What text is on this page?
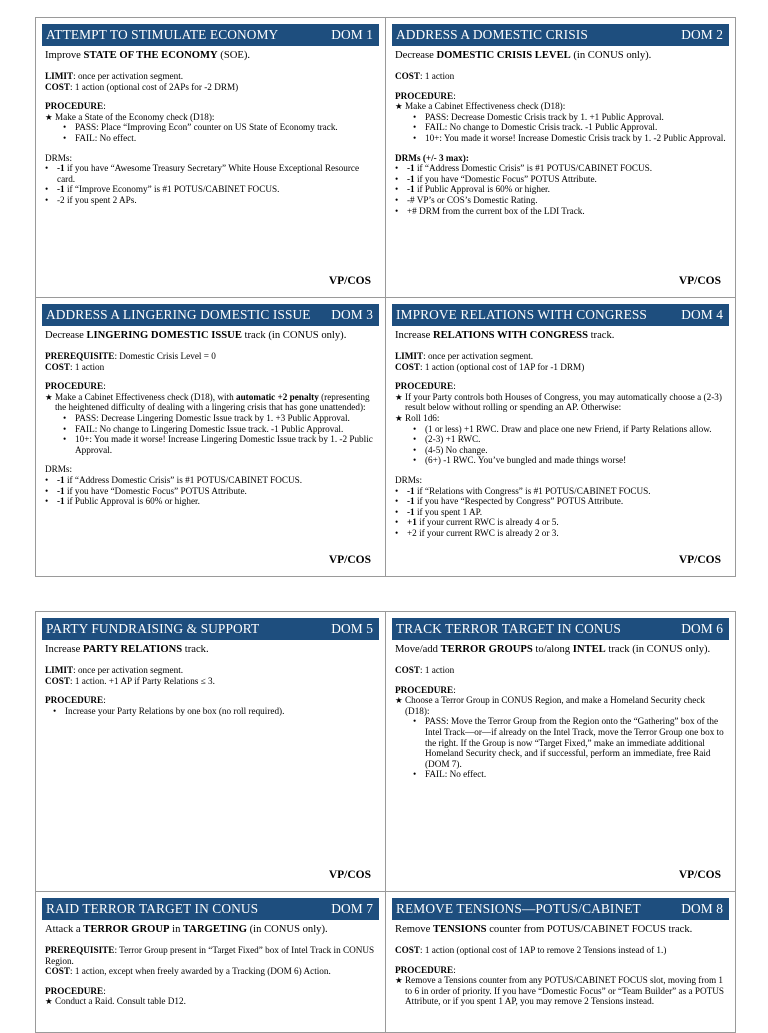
ATTEMPT TO STIMULATE ECONOMY	DOM 1

Improve STATE OF THE ECONOMY (SOE).

LIMIT: once per activation segment.

COST: 1 action (optional cost of 2APs for -2 DRM)

PROCEDURE:

★ Make a State of the Economy check (D18):
• PASS: Place “Improving Econ” counter on US State of Economy track.
• FAIL: No effect.

DRMs:

• -1 if you have “Awesome Treasury Secretary” White House Exceptional Resource card.
• -1 if “Improve Economy” is #1 POTUS/CABINET FOCUS.
• -2 if you spent 2 APs.
VP/COS
ADDRESS A DOMESTIC CRISIS	DOM 2

Decrease DOMESTIC CRISIS LEVEL (in CONUS only).

COST: 1 action

PROCEDURE:

★ Make a Cabinet Effectiveness check (D18):
• PASS: Decrease Domestic Crisis track by 1. +1 Public Approval.
• FAIL: No change to Domestic Crisis track. -1 Public Approval.
• 10+: You made it worse! Increase Domestic Crisis track by 1. -2 Public Approval.

DRMs (+/- 3 max):

• -1 if “Address Domestic Crisis” is #1 POTUS/CABINET FOCUS.
• -1 if you have “Domestic Focus” POTUS Attribute.
• -1 if Public Approval is 60% or higher.
• -# VP’s or COS’s Domestic Rating.
• +# DRM from the current box of the LDI Track.
VP/COS
ADDRESS A LINGERING DOMESTIC ISSUE DOM 3

Decrease LINGERING DOMESTIC ISSUE track (in CONUS only).

PREREQUISITE: Domestic Crisis Level = 0

COST: 1 action

PROCEDURE:

★ Make a Cabinet Effectiveness check (D18), with automatic +2 penalty (representing the heightened difficulty of dealing with a lingering crisis that has gone unattended):
• PASS: Decrease Lingering Domestic Issue track by 1. +3 Public Approval.
• FAIL: No change to Lingering Domestic Issue track. -1 Public Approval.
• 10+: You made it worse! Increase Lingering Domestic Issue track by 1. -2 Public Approval.

DRMs:

• -1 if “Address Domestic Crisis” is #1 POTUS/CABINET FOCUS.
• -1 if you have “Domestic Focus” POTUS Attribute.
• -1 if Public Approval is 60% or higher.
VP/COS
IMPROVE RELATIONS WITH CONGRESS	DOM 4

Increase RELATIONS WITH CONGRESS track.

LIMIT: once per activation segment.

COST: 1 action (optional cost of 1AP for -1 DRM)

PROCEDURE:

★ If your Party controls both Houses of Congress, you may automatically choose a (2-3) result below without rolling or spending an AP. Otherwise:
★ Roll 1d6:
• (1 or less) +1 RWC. Draw and place one new Friend, if Party Relations allow.
• (2-3) +1 RWC.
• (4-5) No change.
• (6+) -1 RWC. You’ve bungled and made things worse!

DRMs:

• -1 if “Relations with Congress” is #1 POTUS/CABINET FOCUS.
• -1 if you have “Respected by Congress” POTUS Attribute.
• -1 if you spent 1 AP.
• +1 if your current RWC is already 4 or 5.
• +2 if your current RWC is already 2 or 3.
VP/COS
PARTY FUNDRAISING & SUPPORT	DOM 5

Increase PARTY RELATIONS track.

LIMIT: once per activation segment.

COST: 1 action. +1 AP if Party Relations ≤ 3.

PROCEDURE:

• Increase your Party Relations by one box (no roll required).
VP/COS
TRACK TERROR TARGET IN CONUS	DOM 6

Move/add TERROR GROUPS to/along INTEL track (in CONUS only).

COST: 1 action

PROCEDURE:

★ Choose a Terror Group in CONUS Region, and make a Homeland Security check (D18):
• PASS: Move the Terror Group from the Region onto the “Gathering” box of the Intel Track—or—if already on the Intel Track, move the Terror Group one box to the right. If the Group is now “Target Fixed,” make an immediate additional Homeland Security check, and if successful, perform an immediate, free Raid (DOM 7).
• FAIL: No effect.
VP/COS
RAID TERROR TARGET IN CONUS	DOM 7

Attack a TERROR GROUP in TARGETING (in CONUS only).

PREREQUISITE: Terror Group present in “Target Fixed” box of Intel Track in CONUS Region.

COST: 1 action, except when freely awarded by a Tracking (DOM 6) Action.

PROCEDURE:

★ Conduct a Raid. Consult table D12.
REMOVE TENSIONS—POTUS/CABINET	DOM 8

Remove TENSIONS counter from POTUS/CABINET FOCUS track.

COST: 1 action (optional cost of 1AP to remove 2 Tensions instead of 1.)

PROCEDURE:

★ Remove a Tensions counter from any POTUS/CABINET FOCUS slot, moving from 1 to 6 in order of priority. If you have “Domestic Focus” or “Team Builder” as a POTUS Attribute, or if you spent 1 AP, you may remove 2 Tensions instead.
